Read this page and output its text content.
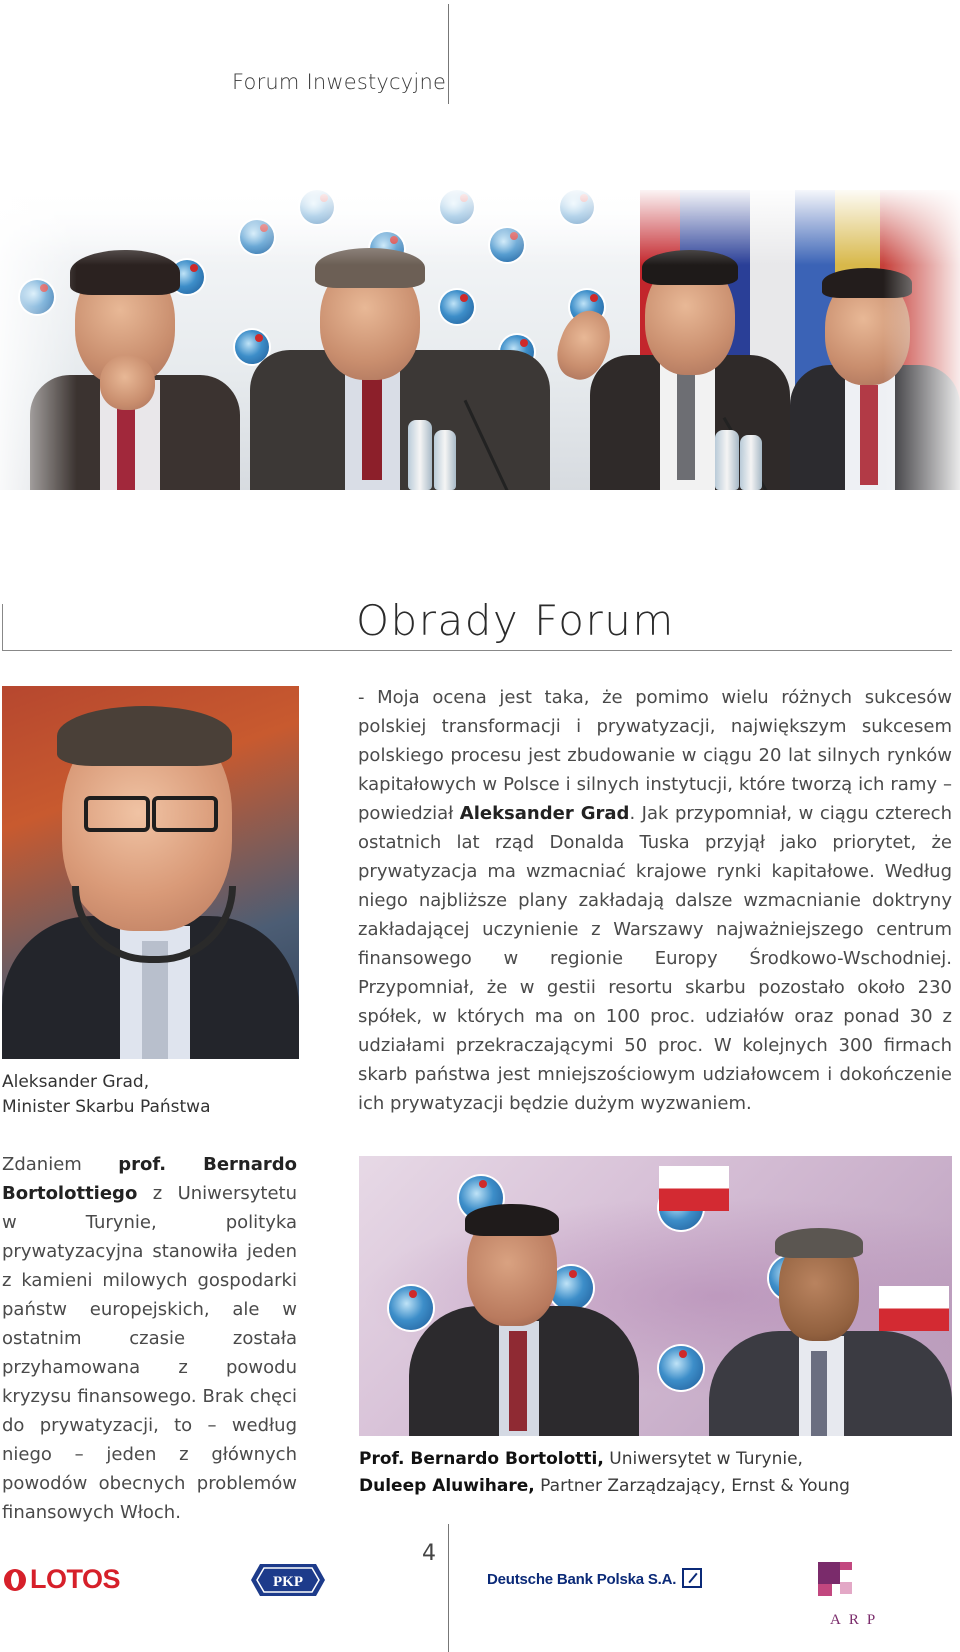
Forum Inwestycyjne
Obrady Forum
Aleksander Grad,
Minister Skarbu Państwa

- Moja ocena jest taka, że pomimo wielu różnych sukcesów polskiej transformacji i prywatyzacji, największym sukcesem polskiego procesu jest zbudowanie w ciągu 20 lat silnych rynków kapitałowych w Polsce i silnych instytucji, które tworzą ich ramy – powiedział Aleksander Grad. Jak przypomniał, w ciągu czterech ostatnich lat rząd Donalda Tuska przyjął jako priorytet, że prywatyzacja ma wzmacniać krajowe rynki kapitałowe. Według niego najbliższe plany zakładają dalsze wzmacnianie doktryny zakładającej uczynienie z Warszawy najważniejszego centrum finansowego w regionie Europy Środkowo-Wschodniej. Przypomniał, że w gestii resortu skarbu pozostało około 230 spółek, w których ma on 100 proc. udziałów oraz ponad 30 z udziałami przekraczającymi 50 proc. W kolejnych 300 firmach skarb państwa jest mniejszościowym udziałowcem i dokończenie ich prywatyzacji będzie dużym wyzwaniem.

Zdaniem prof. Bernardo Bortolottiego z Uniwersytetu w Turynie, polityka prywatyzacyjna stanowiła jeden z kamieni milowych gospodarki państw europejskich, ale w ostatnim czasie została przyhamowana z powodu kryzysu finansowego. Brak chęci do prywatyzacji, to – według niego – jeden z głównych powodów obecnych problemów finansowych Włoch.

Prof. Bernardo Bortolotti, Uniwersytet w Turynie,
Duleep Aluwihare, Partner Zarządzający, Ernst & Young
4
LOTOS	PKP	Deutsche Bank Polska S.A.
ARP
